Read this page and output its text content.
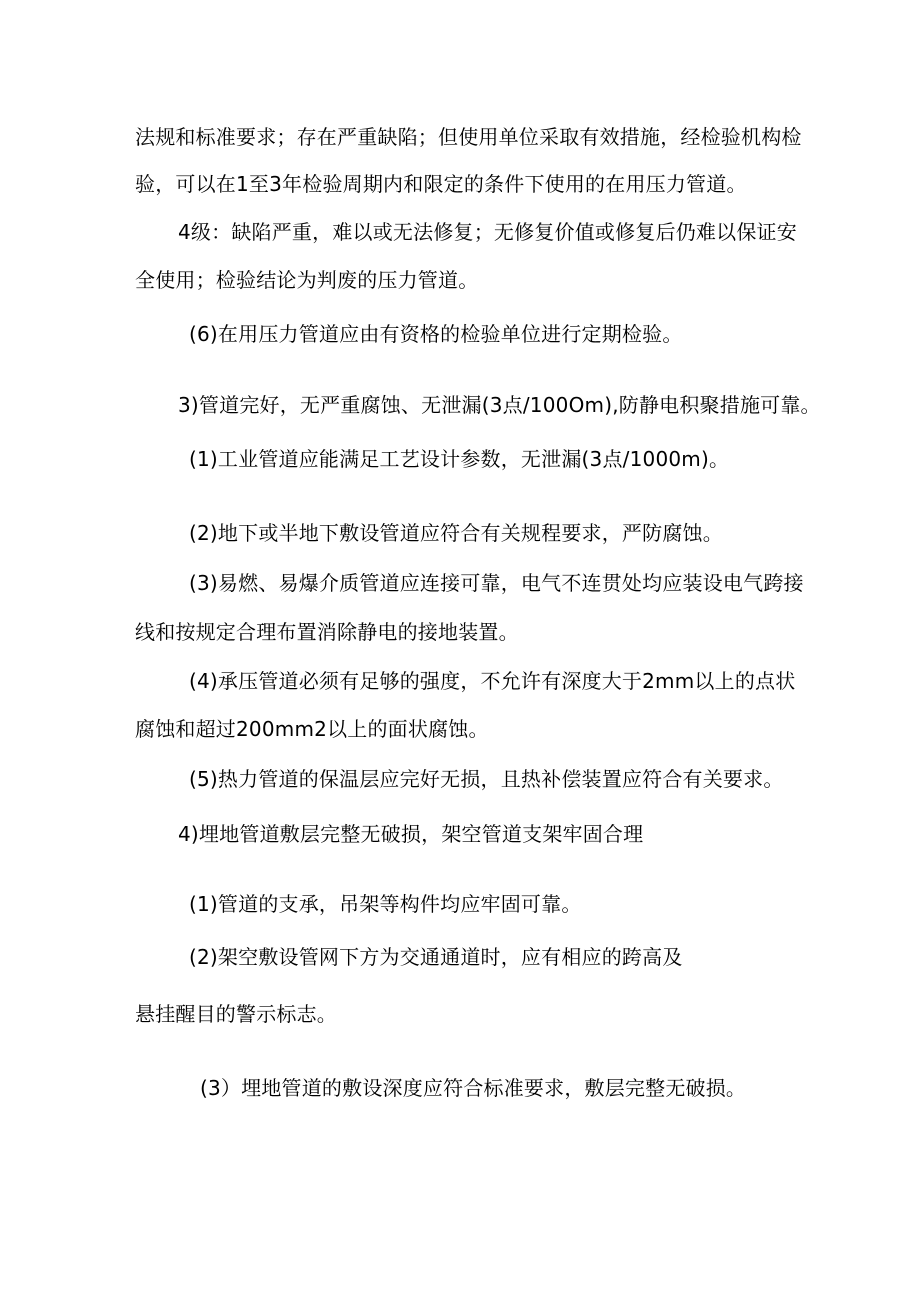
法规和标准要求；存在严重缺陷；但使用单位采取有效措施，经检验机构检
验，可以在1至3年检验周期内和限定的条件下使用的在用压力管道。
4级：缺陷严重，难以或无法修复；无修复价值或修复后仍难以保证安
全使用；检验结论为判废的压力管道。
(6)在用压力管道应由有资格的检验单位进行定期检验。
3)管道完好，无严重腐蚀、无泄漏(3点/100Om),防静电积聚措施可靠。
(1)工业管道应能满足工艺设计参数，无泄漏(3点/1000m)。
(2)地下或半地下敷设管道应符合有关规程要求，严防腐蚀。
(3)易燃、易爆介质管道应连接可靠，电气不连贯处均应装设电气跨接
线和按规定合理布置消除静电的接地装置。
(4)承压管道必须有足够的强度，不允许有深度大于2mm以上的点状
腐蚀和超过200mm2以上的面状腐蚀。
(5)热力管道的保温层应完好无损，且热补偿装置应符合有关要求。
4)埋地管道敷层完整无破损，架空管道支架牢固合理
(1)管道的支承，吊架等构件均应牢固可靠。
(2)架空敷设管网下方为交通通道时，应有相应的跨高及
悬挂醒目的警示标志。
(3）埋地管道的敷设深度应符合标准要求，敷层完整无破损。
